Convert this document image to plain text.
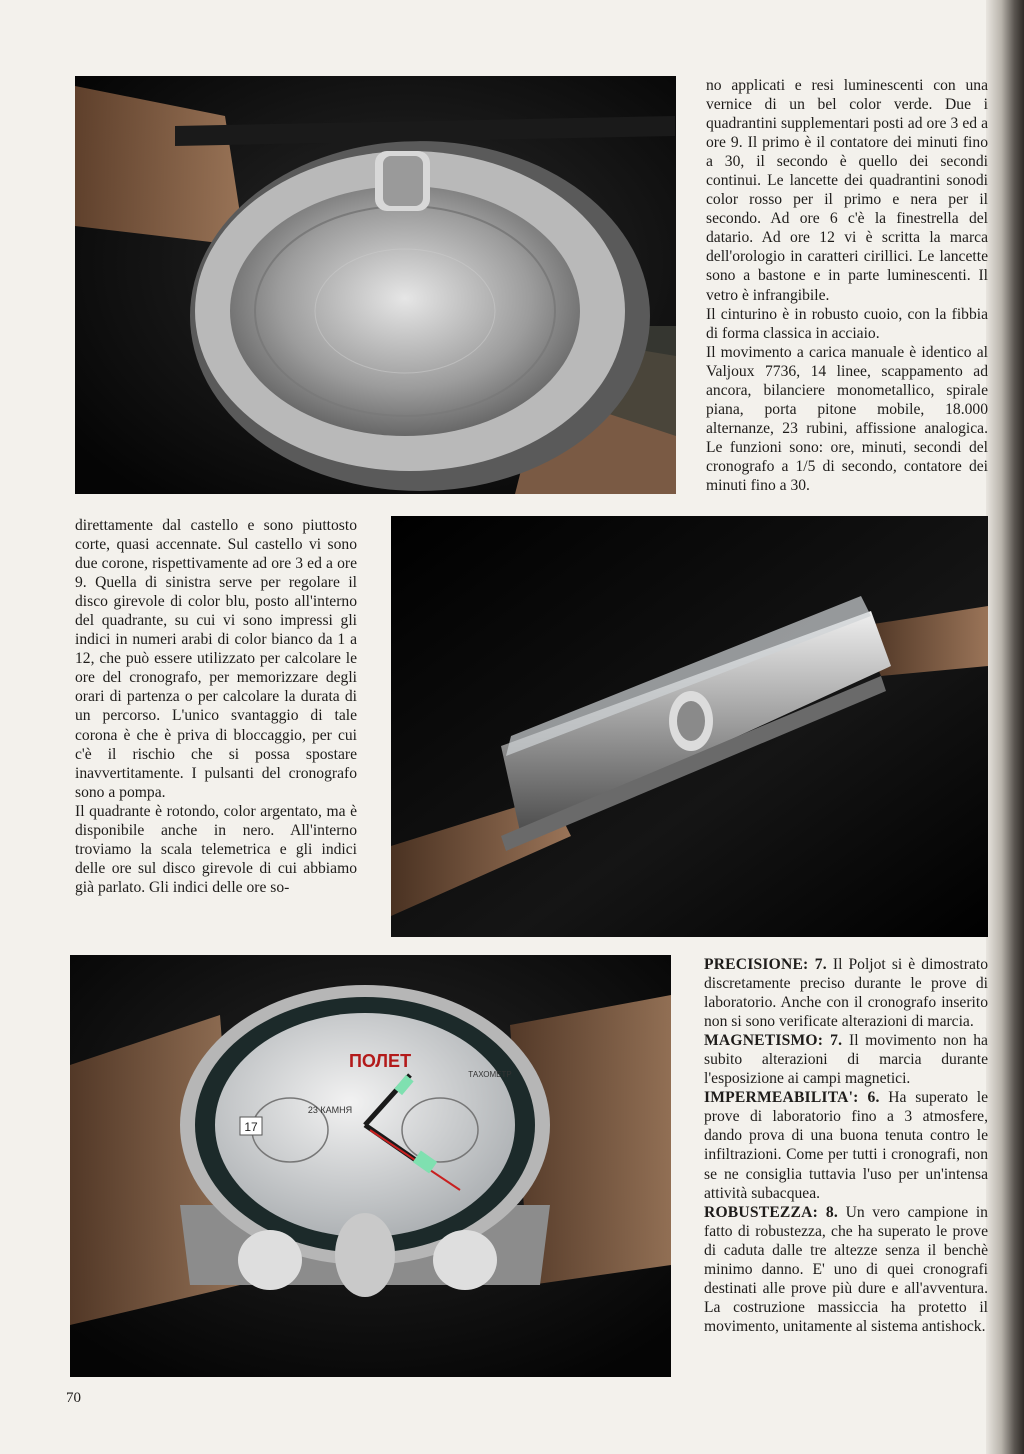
no applicati e resi luminescenti con una vernice di un bel color verde. Due i quadrantini supplementari posti ad ore 3 ed a ore 9. Il primo è il contatore dei minuti fino a 30, il secondo è quello dei secondi continui. Le lancette dei quadrantini sonodi color rosso per il primo e nera per il secondo. Ad ore 6 c'è la finestrella del datario. Ad ore 12 vi è scritta la marca dell'orologio in caratteri cirillici. Le lancette sono a bastone e in parte luminescenti. Il vetro è infrangibile.

Il cinturino è in robusto cuoio, con la fibbia di forma classica in acciaio.

Il movimento a carica manuale è identico al Valjoux 7736, 14 linee, scappamento ad ancora, bilanciere monometallico, spirale piana, porta pitone mobile, 18.000 alternanze, 23 rubini, affissione analogica. Le funzioni sono: ore, minuti, secondi del cronografo a 1/5 di secondo, contatore dei minuti fino a 30.

direttamente dal castello e sono piuttosto corte, quasi accennate. Sul castello vi sono due corone, rispettivamente ad ore 3 ed a ore 9. Quella di sinistra serve per regolare il disco girevole di color blu, posto all'interno del quadrante, su cui vi sono impressi gli indici in numeri arabi di color bianco da 1 a 12, che può essere utilizzato per calcolare le ore del cronografo, per memorizzare degli orari di partenza o per calcolare la durata di un percorso. L'unico svantaggio di tale corona è che è priva di bloccaggio, per cui c'è il rischio che si possa spostare inavvertitamente. I pulsanti del cronografo sono a pompa.

Il quadrante è rotondo, color argentato, ma è disponibile anche in nero. All'interno troviamo la scala telemetrica e gli indici delle ore sul disco girevole di cui abbiamo già parlato. Gli indici delle ore so-

17
ПОЛЕТ
23 КАМНЯ
ТАХОМЕТР

PRECISIONE: 7. Il Poljot si è dimostrato discretamente preciso durante le prove di laboratorio. Anche con il cronografo inserito non si sono verificate alterazioni di marcia.

MAGNETISMO: 7. Il movimento non ha subito alterazioni di marcia durante l'esposizione ai campi magnetici.

IMPERMEABILITA': 6. Ha superato le prove di laboratorio fino a 3 atmosfere, dando prova di una buona tenuta contro le infiltrazioni. Come per tutti i cronografi, non se ne consiglia tuttavia l'uso per un'intensa attività subacquea.

ROBUSTEZZA: 8. Un vero campione in fatto di robustezza, che ha superato le prove di caduta dalle tre altezze senza il benchè minimo danno. E' uno di quei cronografi destinati alle prove più dure e all'avventura. La costruzione massiccia ha protetto il movimento, unitamente al sistema antishock.

70
